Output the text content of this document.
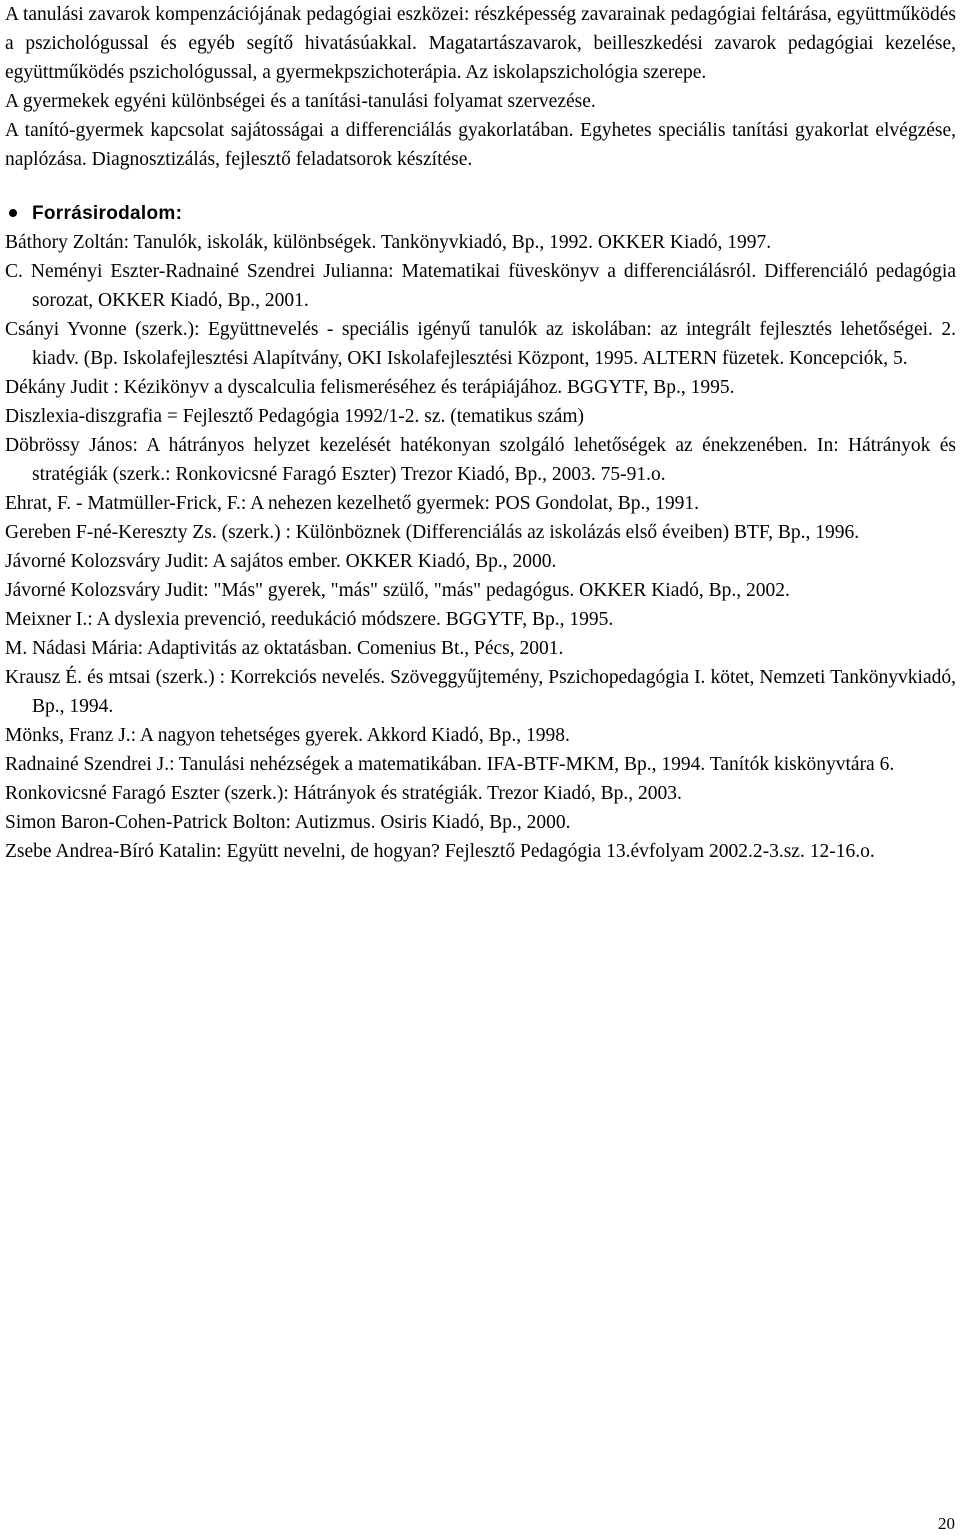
A tanulási zavarok kompenzációjának pedagógiai eszközei: részképesség zavarainak pedagógiai feltárása, együttműködés a pszichológussal és egyéb segítő hivatásúakkal. Magatartászavarok, beilleszkedési zavarok pedagógiai kezelése, együttműködés pszichológussal, a gyermekpszichoterápia. Az iskolapszichológia szerepe.

A gyermekek egyéni különbségei és a tanítási-tanulási folyamat szervezése.

A tanító-gyermek kapcsolat sajátosságai a differenciálás gyakorlatában. Egyhetes speciális tanítási gyakorlat elvégzése, naplózása. Diagnosztizálás, fejlesztő feladatsorok készítése.

Forrásirodalom:
Báthory Zoltán: Tanulók, iskolák, különbségek. Tankönyvkiadó, Bp., 1992. OKKER Kiadó, 1997.
C. Neményi Eszter-Radnainé Szendrei Julianna: Matematikai füveskönyv a differenciálásról. Differenciáló pedagógia sorozat, OKKER Kiadó, Bp., 2001.
Csányi Yvonne (szerk.): Együttnevelés - speciális igényű tanulók az iskolában: az integrált fejlesztés lehetőségei. 2. kiadv. (Bp. Iskolafejlesztési Alapítvány, OKI Iskolafejlesztési Központ, 1995. ALTERN füzetek. Koncepciók, 5.
Dékány Judit : Kézikönyv a dyscalculia felismeréséhez és terápiájához. BGGYTF, Bp., 1995.
Diszlexia-diszgrafia = Fejlesztő Pedagógia 1992/1-2. sz. (tematikus szám)
Döbrössy János: A hátrányos helyzet kezelését hatékonyan szolgáló lehetőségek az énekzenében. In: Hátrányok és stratégiák (szerk.: Ronkovicsné Faragó Eszter) Trezor Kiadó, Bp., 2003. 75-91.o.
Ehrat, F. - Matmüller-Frick, F.: A nehezen kezelhető gyermek: POS Gondolat, Bp., 1991.
Gereben F-né-Kereszty Zs. (szerk.) : Különböznek (Differenciálás az iskolázás első éveiben) BTF, Bp., 1996.
Jávorné Kolozsváry Judit: A sajátos ember. OKKER Kiadó, Bp., 2000.
Jávorné Kolozsváry Judit: "Más" gyerek, "más" szülő, "más" pedagógus. OKKER Kiadó, Bp., 2002.
Meixner I.: A dyslexia prevenció, reedukáció módszere. BGGYTF, Bp., 1995.
M. Nádasi Mária: Adaptivitás az oktatásban. Comenius Bt., Pécs, 2001.
Krausz É. és mtsai (szerk.) : Korrekciós nevelés. Szöveggyűjtemény, Pszichopedagógia I. kötet, Nemzeti Tankönyvkiadó, Bp., 1994.
Mönks, Franz J.: A nagyon tehetséges gyerek. Akkord Kiadó, Bp., 1998.
Radnainé Szendrei J.: Tanulási nehézségek a matematikában. IFA-BTF-MKM, Bp., 1994. Tanítók kiskönyvtára 6.
Ronkovicsné Faragó Eszter (szerk.): Hátrányok és stratégiák. Trezor Kiadó, Bp., 2003.
Simon Baron-Cohen-Patrick Bolton: Autizmus. Osiris Kiadó, Bp., 2000.
Zsebe Andrea-Bíró Katalin: Együtt nevelni, de hogyan? Fejlesztő Pedagógia 13.évfolyam 2002.2-3.sz. 12-16.o.
20
